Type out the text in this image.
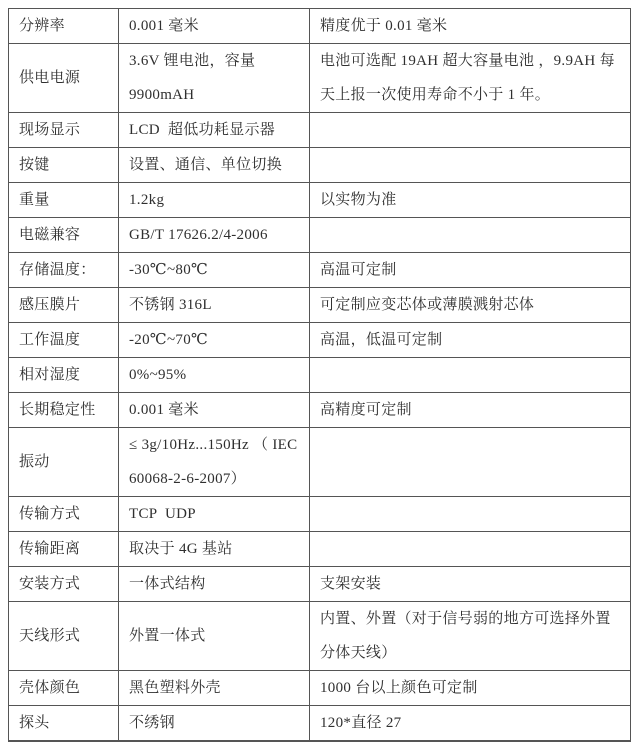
分辨率	0.001 毫米	精度优于 0.01 毫米
供电电源	3.6V 锂电池，容量 9900mAH	电池可选配 19AH 超大容量电池 ，9.9AH 每天上报一次使用寿命不小于 1 年。
现场显示	LCD  超低功耗显示器	
按键	设置、通信、单位切换	
重量	1.2kg	以实物为准
电磁兼容	GB/T 17626.2/4-2006	
存储温度：	-30℃~80℃	高温可定制
感压膜片	不锈钢 316L	可定制应变芯体或薄膜溅射芯体
工作温度	-20℃~70℃	高温，低温可定制
相对湿度	0%~95%	
长期稳定性	0.001 毫米	高精度可定制
振动	≤ 3g/10Hz...150Hz （ IEC 60068-2-6-2007）	
传输方式	TCP  UDP	
传输距离	取决于 4G 基站	
安装方式	一体式结构	支架安装
天线形式	外置一体式	内置、外置（对于信号弱的地方可选择外置分体天线）
壳体颜色	黑色塑料外壳	1000 台以上颜色可定制
探头	不绣钢	120*直径 27
